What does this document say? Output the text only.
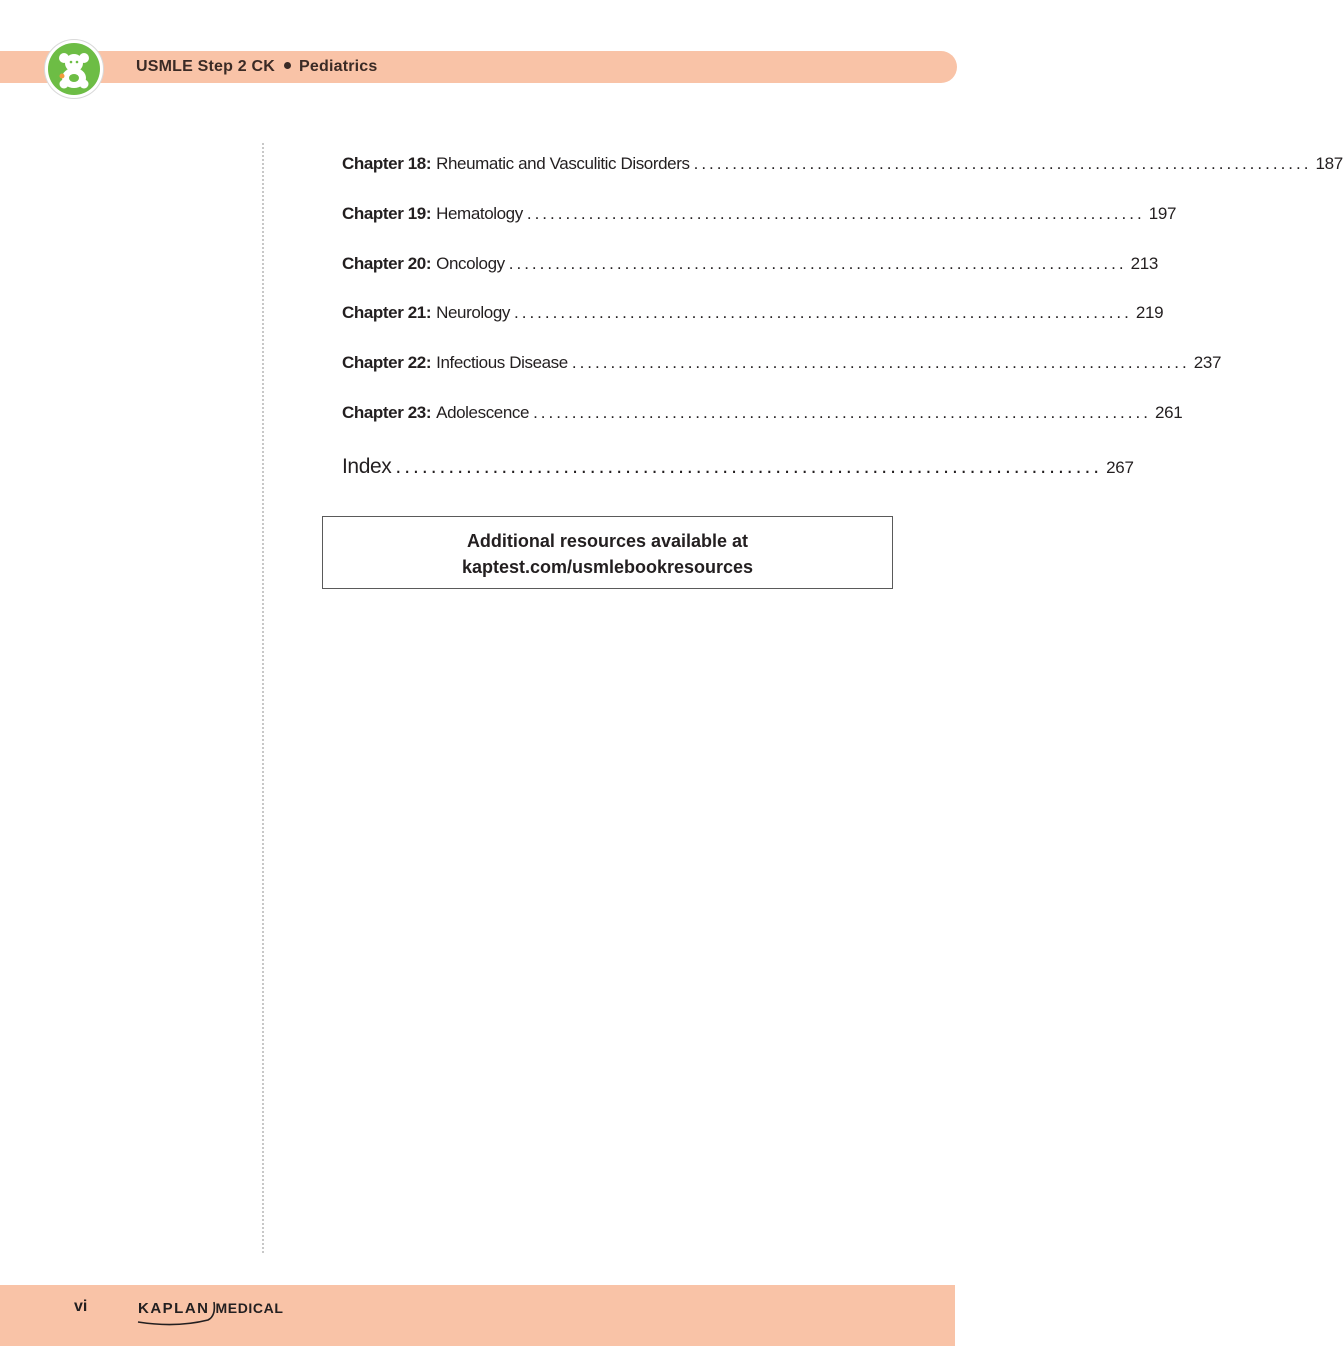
USMLE Step 2 CK Pediatrics
Chapter 18: Rheumatic and Vasculitic Disorders ................................................................................ 187
Chapter 19: Hematology ................................................................................ 197
Chapter 20: Oncology ................................................................................ 213
Chapter 21: Neurology ................................................................................ 219
Chapter 22: Infectious Disease ................................................................................ 237
Chapter 23: Adolescence ................................................................................ 261
Index ................................................................................ 267
Additional resources available at
kaptest.com/usmlebookresources
vi	KAPLAN MEDICAL
